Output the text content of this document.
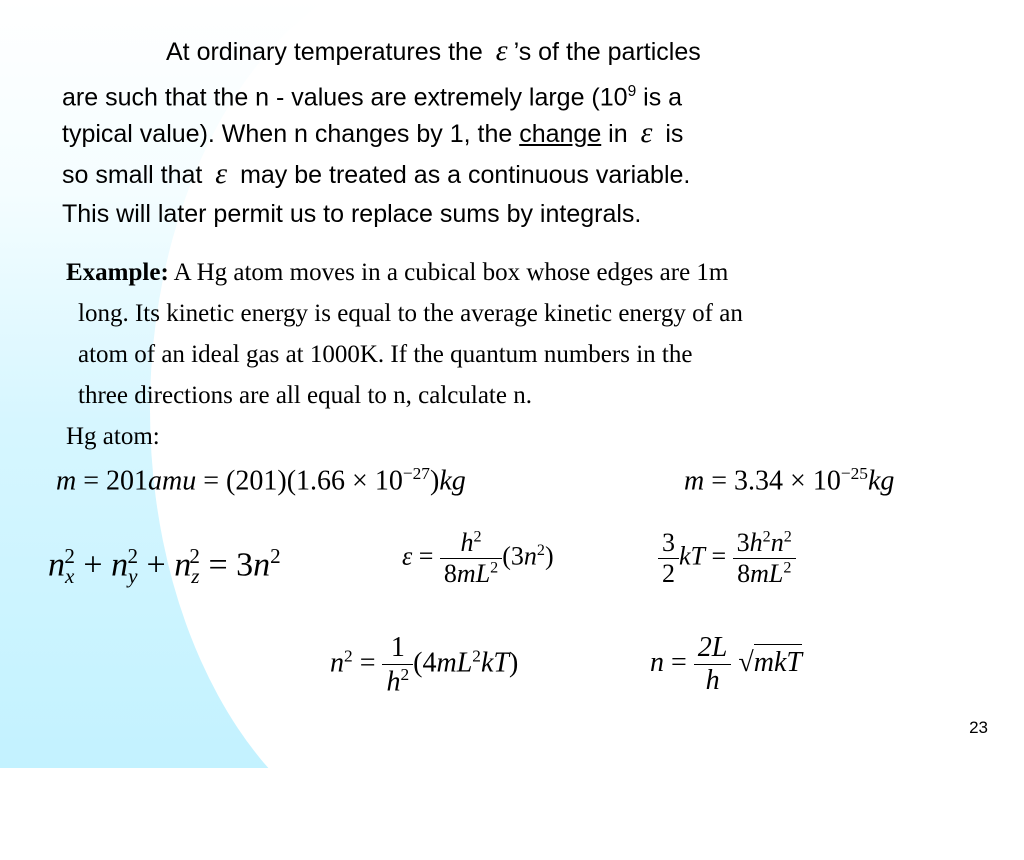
At ordinary temperatures the ε ’s of the particles
are such that the n - values are extremely large ($10^9$ is a
typical value). When n changes by 1, the change in ε is
so small that ε may be treated as a continuous variable.
This will later permit us to replace sums by integrals.
Example: A Hg atom moves in a cubical box whose edges are 1m
long. Its kinetic energy is equal to the average kinetic energy of an
atom of an ideal gas at 1000K. If the quantum numbers in the
three directions are all equal to n, calculate n.
Hg atom:
$m = 201amu = (201)(1.66 \times 10^{-27})kg$	$m = 3.34 \times 10^{-25}kg$
$n_x^2 + n_y^2 + n_z^2 = 3n^2$	$\varepsilon = \frac{h^2}{8mL^2} (3n^2)$	$\frac{3}{2}$ kT = $\frac{3h^2n^2}{8mL^2}$
$n^2 = \frac{1}{h^2} (4mL^2kT)$	$n = \frac{2L}{h} √mkT$
23
